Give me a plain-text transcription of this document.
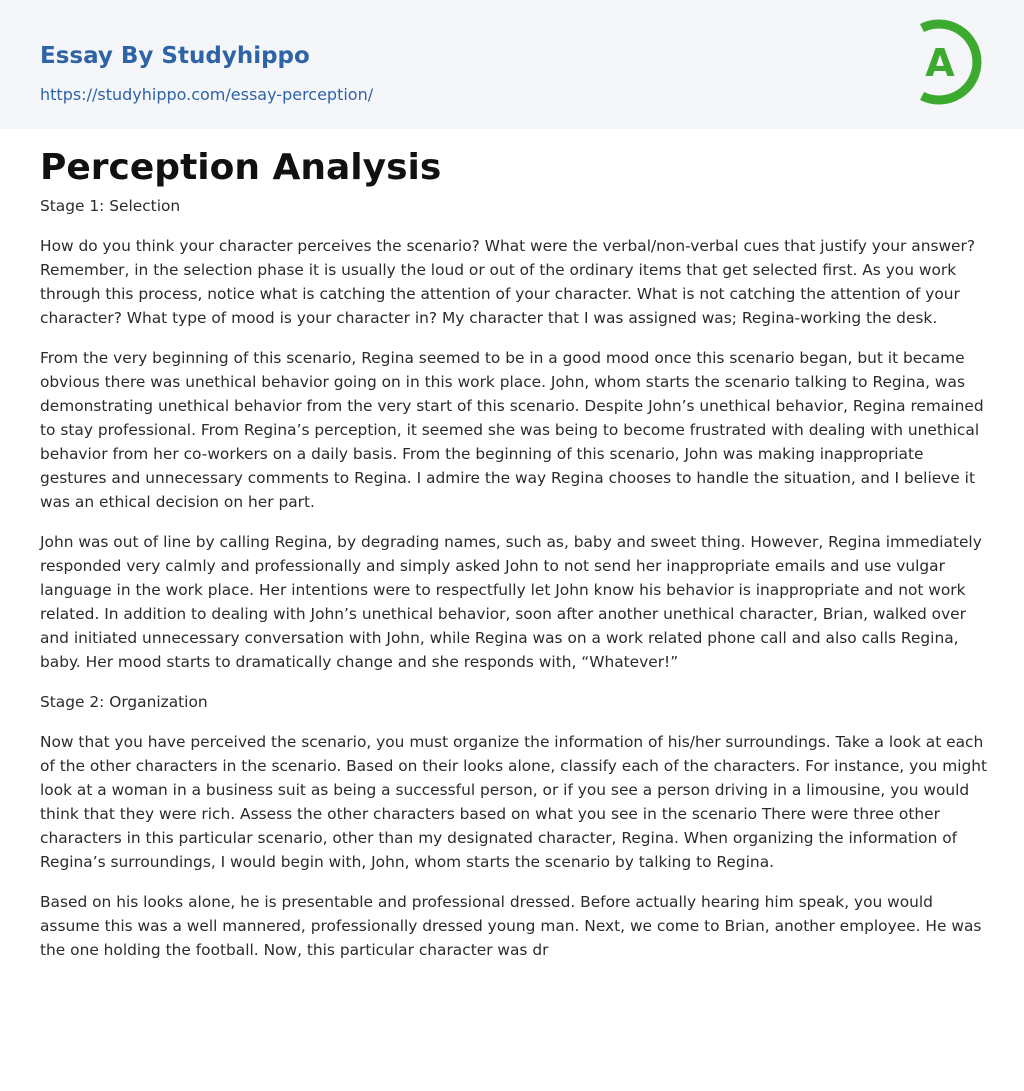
Essay By Studyhippo
https://studyhippo.com/essay-perception/
A
Perception Analysis

Stage 1: Selection

How do you think your character perceives the scenario? What were the verbal/non-verbal cues that justify your answer? Remember, in the selection phase it is usually the loud or out of the ordinary items that get selected first. As you work through this process, notice what is catching the attention of your character. What is not catching the attention of your character? What type of mood is your character in? My character that I was assigned was; Regina-working the desk.

From the very beginning of this scenario, Regina seemed to be in a good mood once this scenario began, but it became obvious there was unethical behavior going on in this work place. John, whom starts the scenario talking to Regina, was demonstrating unethical behavior from the very start of this scenario. Despite John’s unethical behavior, Regina remained to stay professional. From Regina’s perception, it seemed she was being to become frustrated with dealing with unethical behavior from her co-workers on a daily basis. From the beginning of this scenario, John was making inappropriate gestures and unnecessary comments to Regina. I admire the way Regina chooses to handle the situation, and I believe it was an ethical decision on her part.

John was out of line by calling Regina, by degrading names, such as, baby and sweet thing. However, Regina immediately responded very calmly and professionally and simply asked John to not send her inappropriate emails and use vulgar language in the work place. Her intentions were to respectfully let John know his behavior is inappropriate and not work related. In addition to dealing with John’s unethical behavior, soon after another unethical character, Brian, walked over and initiated unnecessary conversation with John, while Regina was on a work related phone call and also calls Regina, baby. Her mood starts to dramatically change and she responds with, “Whatever!”

Stage 2: Organization

Now that you have perceived the scenario, you must organize the information of his/her surroundings. Take a look at each of the other characters in the scenario. Based on their looks alone, classify each of the characters. For instance, you might look at a woman in a business suit as being a successful person, or if you see a person driving in a limousine, you would think that they were rich. Assess the other characters based on what you see in the scenario There were three other characters in this particular scenario, other than my designated character, Regina. When organizing the information of Regina’s surroundings, I would begin with, John, whom starts the scenario by talking to Regina.

Based on his looks alone, he is presentable and professional dressed. Before actually hearing him speak, you would assume this was a well mannered, professionally dressed young man. Next, we come to Brian, another employee. He was the one holding the football. Now, this particular character was dr
